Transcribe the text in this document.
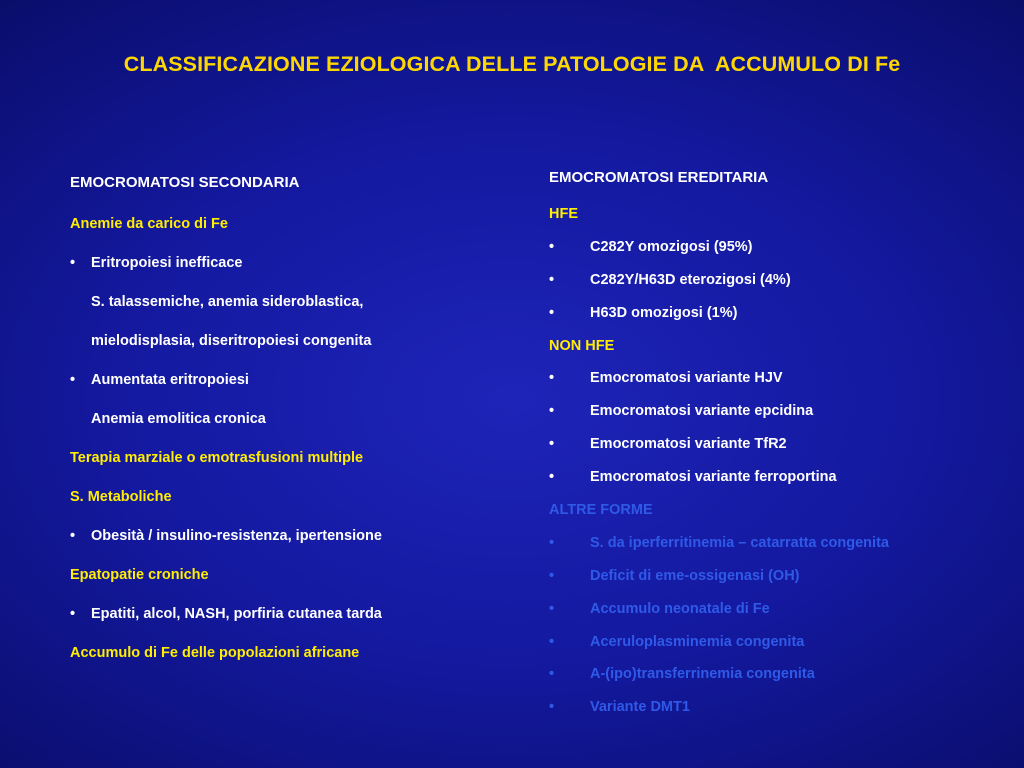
CLASSIFICAZIONE EZIOLOGICA DELLE PATOLOGIE DA  ACCUMULO DI Fe
EMOCROMATOSI SECONDARIA
Anemie da carico di Fe
• Eritropoiesi inefficace
S. talassemiche, anemia sideroblastica,
mielodisplasia, diseritropoiesi congenita
• Aumentata eritropoiesi
Anemia emolitica cronica
Terapia marziale o emotrasfusioni multiple
S. Metaboliche
• Obesità / insulino-resistenza, ipertensione
Epatopatie croniche
• Epatiti, alcol, NASH, porfiria cutanea tarda
Accumulo di Fe delle popolazioni africane
EMOCROMATOSI EREDITARIA
HFE
• C282Y omozigosi (95%)
• C282Y/H63D eterozigosi (4%)
• H63D omozigosi (1%)
NON HFE
• Emocromatosi variante HJV
• Emocromatosi variante epcidina
• Emocromatosi variante TfR2
• Emocromatosi variante ferroportina
ALTRE FORME
• S. da iperferritinemia – catarratta congenita
• Deficit di eme-ossigenasi (OH)
• Accumulo neonatale di Fe
• Aceruloplasminemia congenita
• A-(ipo)transferrinemia congenita
• Variante DMT1
